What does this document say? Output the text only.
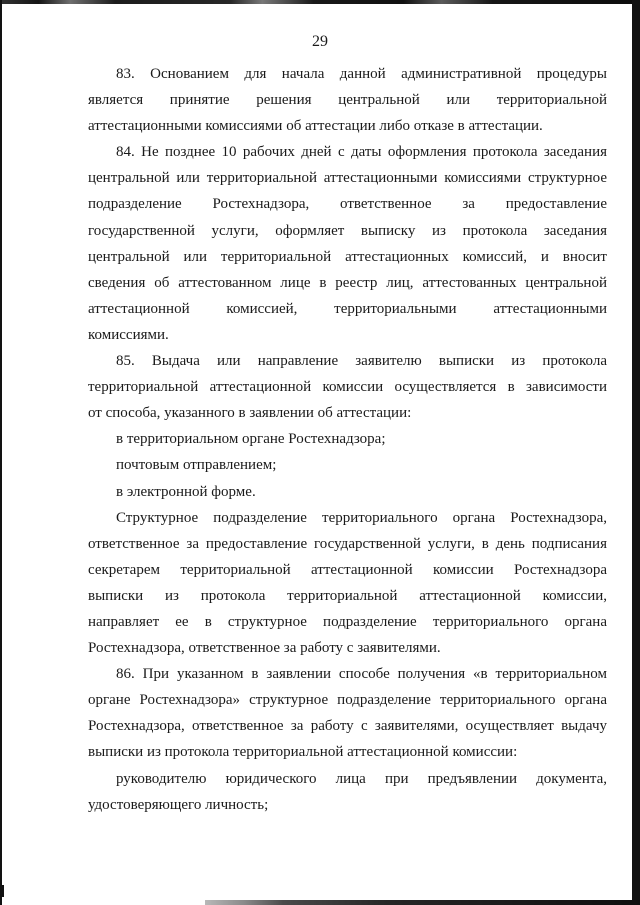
29
83. Основанием для начала данной административной процедуры
является принятие решения центральной или территориальной
аттестационными комиссиями об аттестации либо отказе в аттестации.
84. Не позднее 10 рабочих дней с даты оформления протокола заседания
центральной или территориальной аттестационными комиссиями структурное
подразделение Ростехнадзора, ответственное за предоставление
государственной услуги, оформляет выписку из протокола заседания
центральной или территориальной аттестационных комиссий, и вносит
сведения об аттестованном лице в реестр лиц, аттестованных центральной
аттестационной комиссией, территориальными аттестационными
комиссиями.
85. Выдача или направление заявителю выписки из протокола
территориальной аттестационной комиссии осуществляется в зависимости
от способа, указанного в заявлении об аттестации:
в территориальном органе Ростехнадзора;
почтовым отправлением;
в электронной форме.
Структурное подразделение территориального органа Ростехнадзора,
ответственное за предоставление государственной услуги, в день подписания
секретарем территориальной аттестационной комиссии Ростехнадзора
выписки из протокола территориальной аттестационной комиссии,
направляет ее в структурное подразделение территориального органа
Ростехнадзора, ответственное за работу с заявителями.
86. При указанном в заявлении способе получения «в территориальном
органе Ростехнадзора» структурное подразделение территориального органа
Ростехнадзора, ответственное за работу с заявителями, осуществляет выдачу
выписки из протокола территориальной аттестационной комиссии:
руководителю юридического лица при предъявлении документа,
удостоверяющего личность;
